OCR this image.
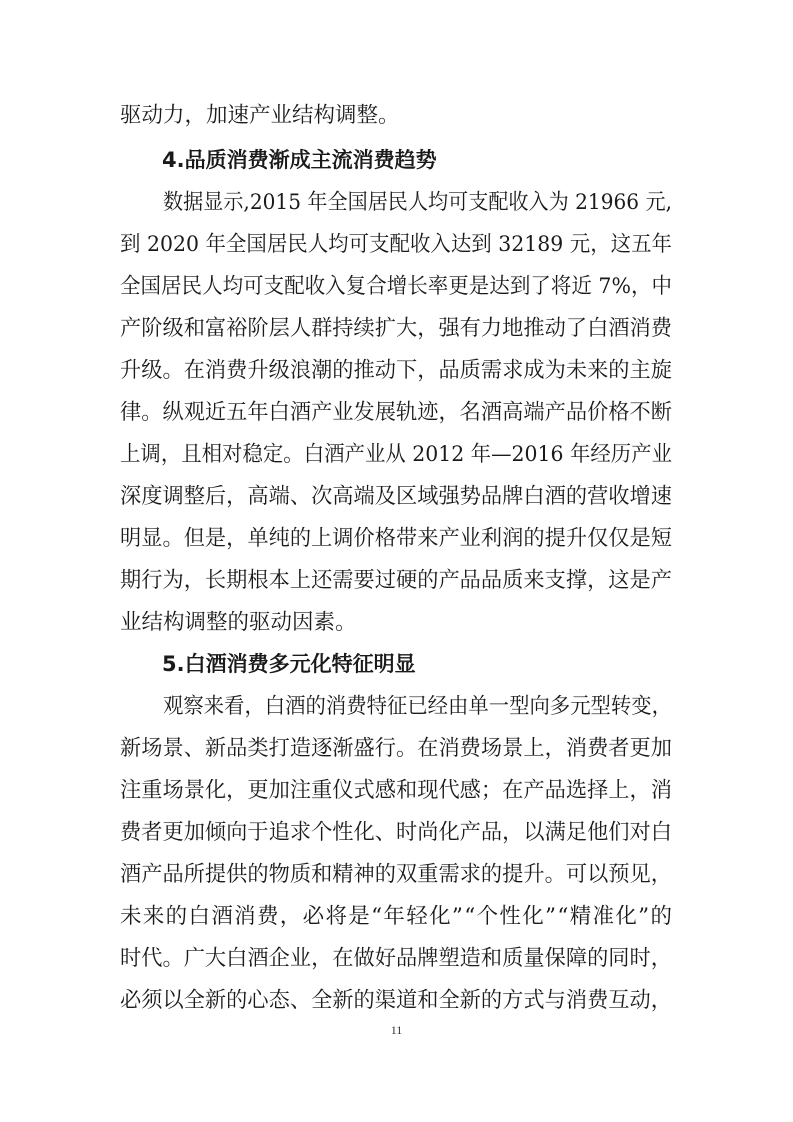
驱动力，加速产业结构调整。
4.品质消费渐成主流消费趋势
数据显示,2015 年全国居民人均可支配收入为 21966 元,
到 2020 年全国居民人均可支配收入达到 32189 元，这五年
全国居民人均可支配收入复合增长率更是达到了将近 7%，中
产阶级和富裕阶层人群持续扩大，强有力地推动了白酒消费
升级。在消费升级浪潮的推动下，品质需求成为未来的主旋
律。纵观近五年白酒产业发展轨迹，名酒高端产品价格不断
上调，且相对稳定。白酒产业从 2012 年—2016 年经历产业
深度调整后，高端、次高端及区域强势品牌白酒的营收增速
明显。但是，单纯的上调价格带来产业利润的提升仅仅是短
期行为，长期根本上还需要过硬的产品品质来支撑，这是产
业结构调整的驱动因素。
5.白酒消费多元化特征明显
观察来看，白酒的消费特征已经由单一型向多元型转变，
新场景、新品类打造逐渐盛行。在消费场景上，消费者更加
注重场景化，更加注重仪式感和现代感；在产品选择上，消
费者更加倾向于追求个性化、时尚化产品，以满足他们对白
酒产品所提供的物质和精神的双重需求的提升。可以预见，
未来的白酒消费，必将是“年轻化”“个性化”“精准化”的
时代。广大白酒企业，在做好品牌塑造和质量保障的同时，
必须以全新的心态、全新的渠道和全新的方式与消费互动，
11
